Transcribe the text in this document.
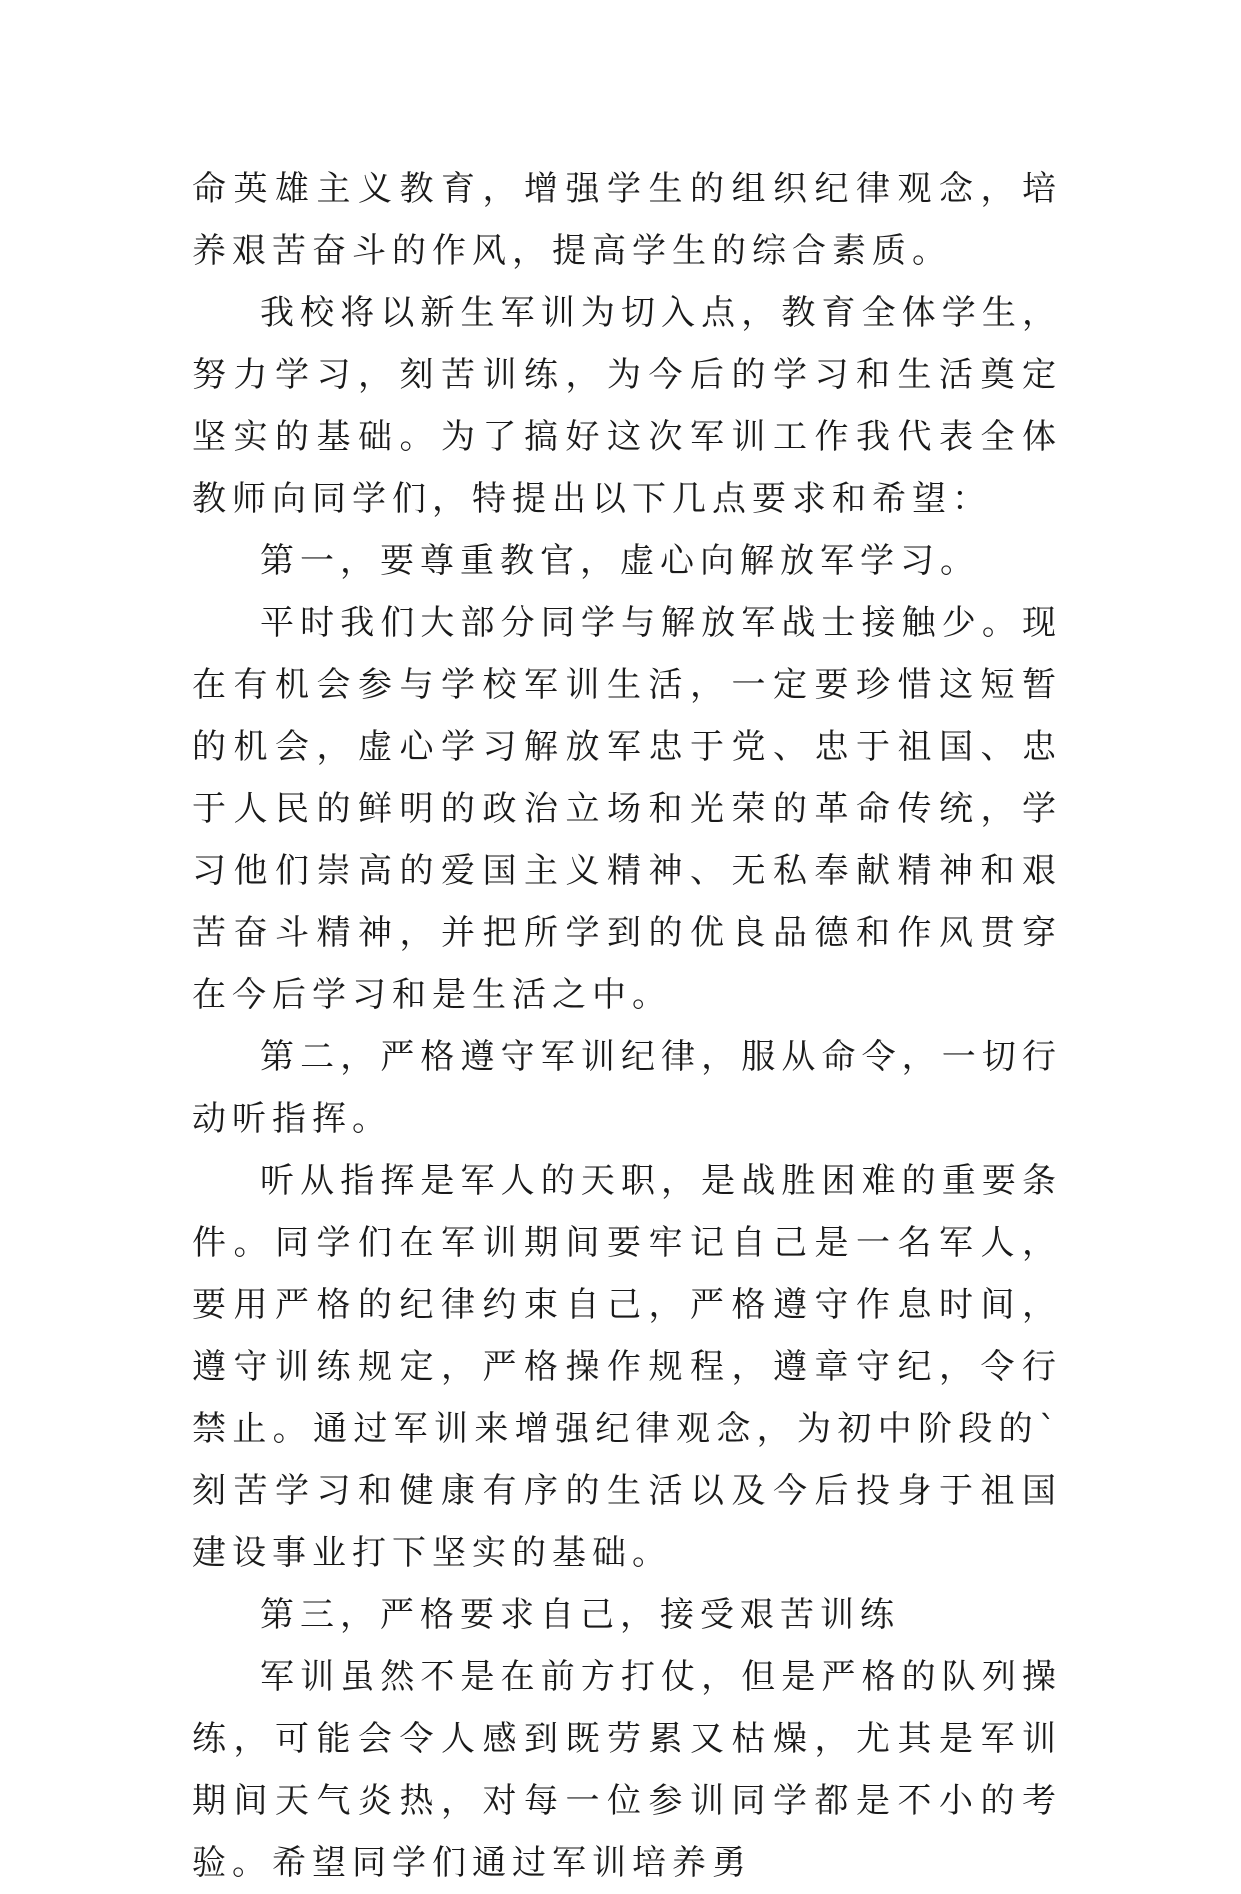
命英雄主义教育，增强学生的组织纪律观念，培养艰苦奋斗的作风，提高学生的综合素质。

我校将以新生军训为切入点，教育全体学生，努力学习，刻苦训练，为今后的学习和生活奠定坚实的基础。为了搞好这次军训工作我代表全体教师向同学们，特提出以下几点要求和希望：

第一，要尊重教官，虚心向解放军学习。

平时我们大部分同学与解放军战士接触少。现在有机会参与学校军训生活，一定要珍惜这短暂的机会，虚心学习解放军忠于党、忠于祖国、忠于人民的鲜明的政治立场和光荣的革命传统，学习他们崇高的爱国主义精神、无私奉献精神和艰苦奋斗精神，并把所学到的优良品德和作风贯穿在今后学习和是生活之中。

第二，严格遵守军训纪律，服从命令，一切行动听指挥。

听从指挥是军人的天职，是战胜困难的重要条件。同学们在军训期间要牢记自己是一名军人，要用严格的纪律约束自己，严格遵守作息时间，遵守训练规定，严格操作规程，遵章守纪，令行禁止。通过军训来增强纪律观念，为初中阶段的`刻苦学习和健康有序的生活以及今后投身于祖国建设事业打下坚实的基础。

第三，严格要求自己，接受艰苦训练

军训虽然不是在前方打仗，但是严格的队列操练，可能会令人感到既劳累又枯燥，尤其是军训期间天气炎热，对每一位参训同学都是不小的考验。希望同学们通过军训培养勇
